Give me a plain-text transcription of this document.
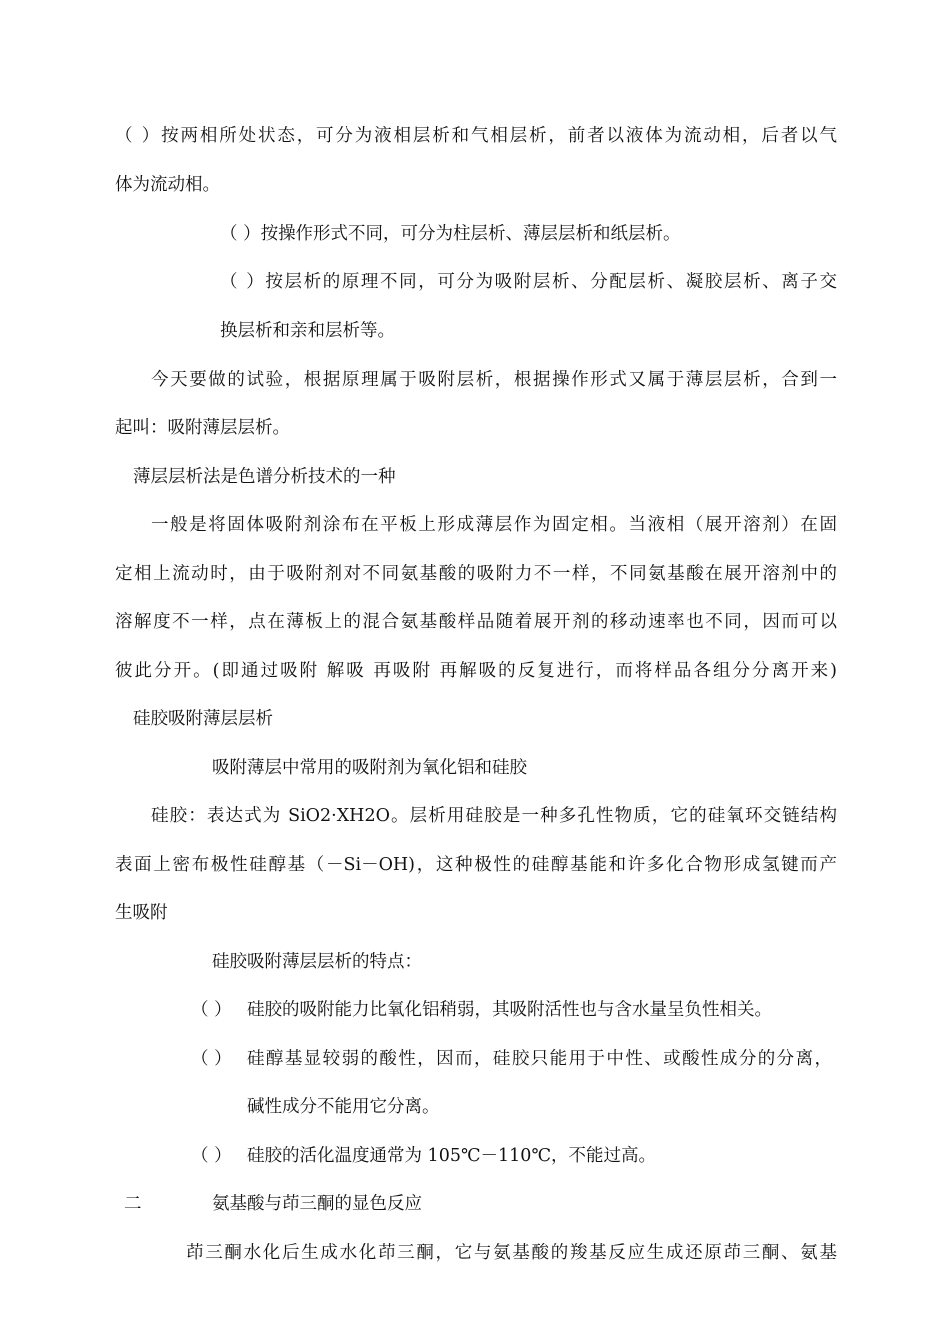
（ ）按两相所处状态，可分为液相层析和气相层析，前者以液体为流动相，后者以气
体为流动相。
（ ）按操作形式不同，可分为柱层析、薄层层析和纸层析。
（ ）按层析的原理不同，可分为吸附层析、分配层析、凝胶层析、离子交
换层析和亲和层析等。
今天要做的试验，根据原理属于吸附层析，根据操作形式又属于薄层层析，合到一
起叫：吸附薄层层析。
薄层层析法是色谱分析技术的一种
一般是将固体吸附剂涂布在平板上形成薄层作为固定相。当液相（展开溶剂）在固
定相上流动时，由于吸附剂对不同氨基酸的吸附力不一样，不同氨基酸在展开溶剂中的
溶解度不一样，点在薄板上的混合氨基酸样品随着展开剂的移动速率也不同，因而可以
彼此分开。(即通过吸附 解吸 再吸附 再解吸的反复进行，而将样品各组分分离开来)
硅胶吸附薄层层析
吸附薄层中常用的吸附剂为氧化铝和硅胶
硅胶：表达式为 SiO2·XH2O。层析用硅胶是一种多孔性物质，它的硅氧环交链结构
表面上密布极性硅醇基（－Si－OH)，这种极性的硅醇基能和许多化合物形成氢键而产
生吸附
硅胶吸附薄层层析的特点：
（ ） 硅胶的吸附能力比氧化铝稍弱，其吸附活性也与含水量呈负性相关。
（ ） 硅醇基显较弱的酸性，因而，硅胶只能用于中性、或酸性成分的分离，
碱性成分不能用它分离。
（ ） 硅胶的活化温度通常为 105℃－110℃，不能过高。
二	氨基酸与茚三酮的显色反应
茚三酮水化后生成水化茚三酮，它与氨基酸的羧基反应生成还原茚三酮、氨基
